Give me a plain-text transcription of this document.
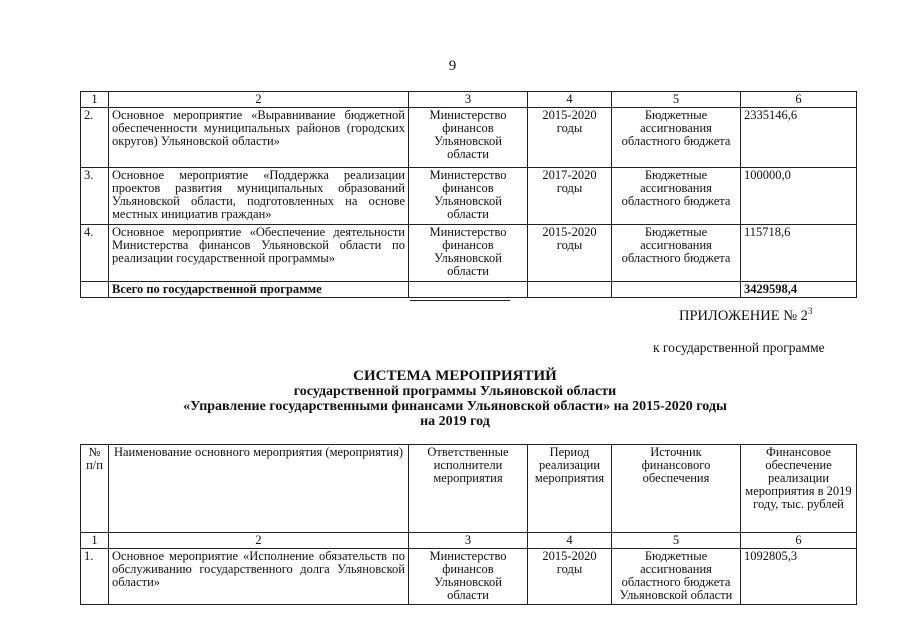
9
1	2	3	4	5	6
2.	Основное мероприятие «Выравнивание бюджетной обеспеченности муниципальных районов (городских округов) Ульяновской области»	Министерство финансов Ульяновской области	2015-2020 годы	Бюджетные ассигнования областного бюджета	2335146,6
3.	Основное мероприятие «Поддержка реализации проектов развития муниципальных образований Ульяновской области, подготовленных на основе местных инициатив граждан»	Министерство финансов Ульяновской области	2017-2020 годы	Бюджетные ассигнования областного бюджета	100000,0
4.	Основное мероприятие «Обеспечение деятельности Министерства финансов Ульяновской области по реализации государственной программы»	Министерство финансов Ульяновской области	2015-2020 годы	Бюджетные ассигнования областного бюджета	115718,6
	Всего по государственной программе				3429598,4
ПРИЛОЖЕНИЕ № $2^3$
к государственной программе
СИСТЕМА МЕРОПРИЯТИЙ
государственной программы Ульяновской области
«Управление государственными финансами Ульяновской области» на 2015-2020 годы
на 2019 год
№ п/п	Наименование основного мероприятия (мероприятия)	Ответственные исполнители мероприятия	Период реализации мероприятия	Источник финансового обеспечения	Финансовое обеспечение реализации мероприятия в 2019 году, тыс. рублей
1	2	3	4	5	6
1.	Основное мероприятие «Исполнение обязательств по обслуживанию государственного долга Ульяновской области»	Министерство финансов Ульяновской области	2015-2020 годы	Бюджетные ассигнования областного бюджета Ульяновской области	1092805,3
